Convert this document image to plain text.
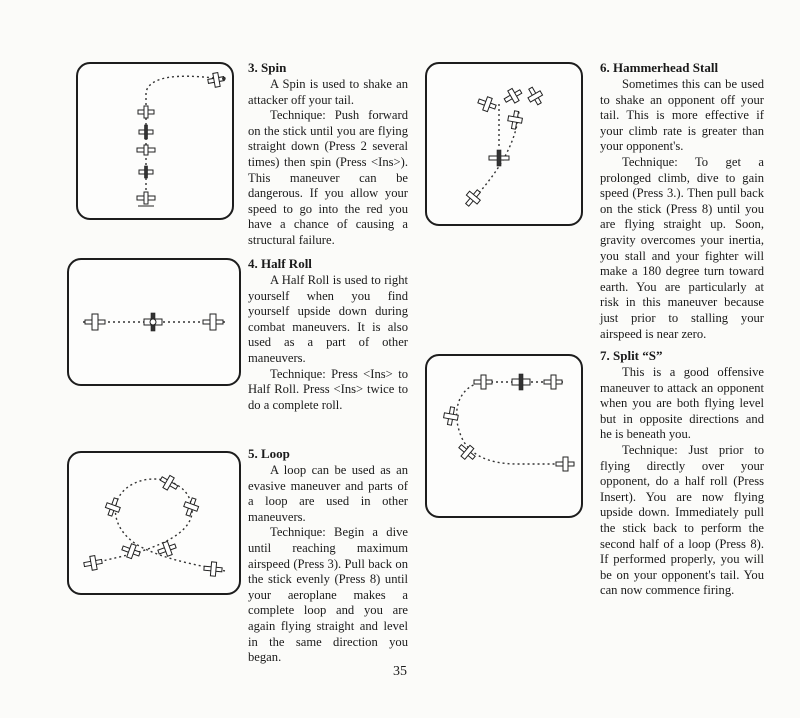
3. Spin

A Spin is used to shake an attacker off your tail.

Technique: Push forward on the stick until you are flying straight down (Press 2 several times) then spin (Press <Ins>). This maneuver can be dangerous. If you allow your speed to go into the red you have a chance of causing a structural failure.

4. Half Roll

A Half Roll is used to right yourself when you find yourself upside down during combat maneuvers. It is also used as a part of other maneuvers.

Technique: Press <Ins> to Half Roll. Press <Ins> twice to do a complete roll.

5. Loop

A loop can be used as an evasive maneuver and parts of a loop are used in other maneuvers.

Technique: Begin a dive until reaching maximum airspeed (Press 3). Pull back on the stick evenly (Press 8) until your aeroplane makes a complete loop and you are again flying straight and level in the same direction you began.

6. Hammerhead Stall

Sometimes this can be used to shake an opponent off your tail. This is more effective if your climb rate is greater than your opponent's.

Technique: To get a prolonged climb, dive to gain speed (Press 3.). Then pull back on the stick (Press 8) until you are flying straight up. Soon, gravity overcomes your inertia, you stall and your fighter will make a 180 degree turn toward earth. You are particularly at risk in this maneuver because just prior to stalling your airspeed is near zero.

7. Split “S”

This is a good offensive maneuver to attack an opponent when you are both flying level but in opposite directions and he is beneath you.

Technique: Just prior to flying directly over your opponent, do a half roll (Press Insert). You are now flying upside down. Immediately pull the stick back to perform the second half of a loop (Press 8). If performed properly, you will be on your opponent's tail. You can now commence firing.

35
